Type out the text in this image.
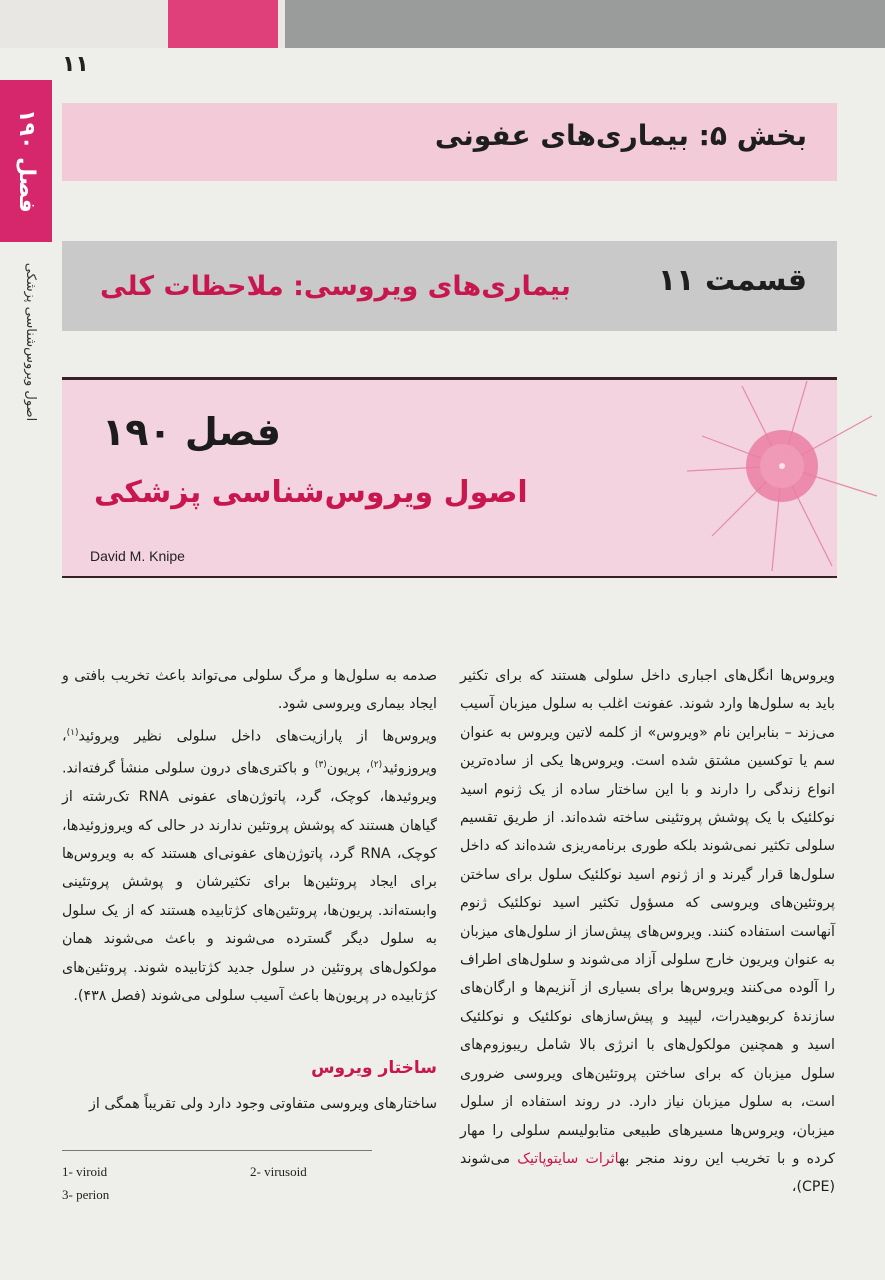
۱۱
فصل ۱۹۰
اصول ویروس‌شناسی پزشکی
بخش ۵: بیماری‌های عفونی
قسمت ۱۱
بیماری‌های ویروسی: ملاحظات کلی
فصل ۱۹۰
اصول ویروس‌شناسی پزشکی
David M. Knipe

ویروس‌ها انگل‌های اجباری داخل سلولی هستند که برای تکثیر باید به سلول‌ها وارد شوند. عفونت اغلب به سلول میزبان آسیب می‌زند – بنابراین نام «ویروس» از کلمه لاتین ویروس به عنوان سم یا توکسین مشتق شده است. ویروس‌ها یکی از ساده‌ترین انواع زندگی را دارند و با این ساختار ساده از یک ژنوم اسید نوکلئیک با یک پوشش پروتئینی ساخته شده‌اند. از طریق تقسیم سلولی تکثیر نمی‌شوند بلکه طوری برنامه‌ریزی شده‌اند که داخل سلول‌ها قرار گیرند و از ژنوم اسید نوکلئیک سلول برای ساختن پروتئین‌های ویروسی که مسؤول تکثیر اسید نوکلئیک ژنوم آنهاست استفاده کنند. ویروس‌های پیش‌ساز از سلول‌های میزبان به عنوان ویریون خارج سلولی آزاد می‌شوند و سلول‌های اطراف را آلوده می‌کنند ویروس‌ها برای بسیاری از آنزیم‌ها و ارگان‌های سازندهٔ کربوهیدرات، لیپید و پیش‌سازهای نوکلئیک و نوکلئیک اسید و همچنین مولکول‌های با انرژی بالا شامل ریبوزوم‌های سلول میزبان که برای ساختن پروتئین‌های ویروسی ضروری است، به سلول میزبان نیاز دارد. در روند استفاده از سلول میزبان، ویروس‌ها مسیرهای طبیعی متابولیسم سلولی را مهار کرده و با تخریب این روند منجر بهاثرات سایتوپاتیک می‌شوند (CPE)،

صدمه به سلول‌ها و مرگ سلولی می‌تواند باعث تخریب بافتی و ایجاد بیماری ویروسی شود.

ویروس‌ها از پارازیت‌های داخل سلولی نظیر ویروئید$^{(۱)}$، ویروزوئید$^{(۲)}$، پریون$^{(۳)}$ و باکتری‌های درون سلولی منشأ گرفته‌اند. ویروئیدها، کوچک، گرد، پاتوژن‌های عفونی RNA تک‌رشته از گیاهان هستند که پوشش پروتئین ندارند در حالی که ویروزوئیدها، کوچک، RNA گرد، پاتوژن‌های عفونی‌ای هستند که به ویروس‌ها برای ایجاد پروتئین‌ها برای تکثیرشان و پوشش پروتئینی وابسته‌اند. پریون‌ها، پروتئین‌های کژتابیده هستند که از یک سلول به سلول دیگر گسترده می‌شوند و باعث می‌شوند همان مولکول‌های پروتئین در سلول جدید کژتابیده شوند. پروتئین‌های کژتابیده در پریون‌ها باعث آسیب سلولی می‌شوند (فصل ۴۳۸).

ساختار ویروس
ساختارهای ویروسی متفاوتی وجود دارد ولی تقریباً همگی از
1- viroid	2- virusoid
3- perion
